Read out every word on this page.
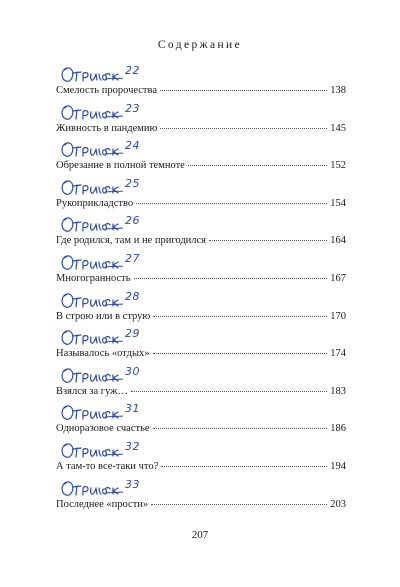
Содержание
22
Смелость пророчества	138
23
Живность в пандемию	145
24
Обрезание в полной темноте	152
25
Рукоприкладство	154
26
Где родился, там и не пригодился	164
27
Многогранность	167
28
В строю или в струю	170
29
Называлось «отдых»	174
30
Взялся за гуж…	183
31
Одноразовое счастье	186
32
А там-то все-таки что?	194
33
Последнее «прости»	203
207
